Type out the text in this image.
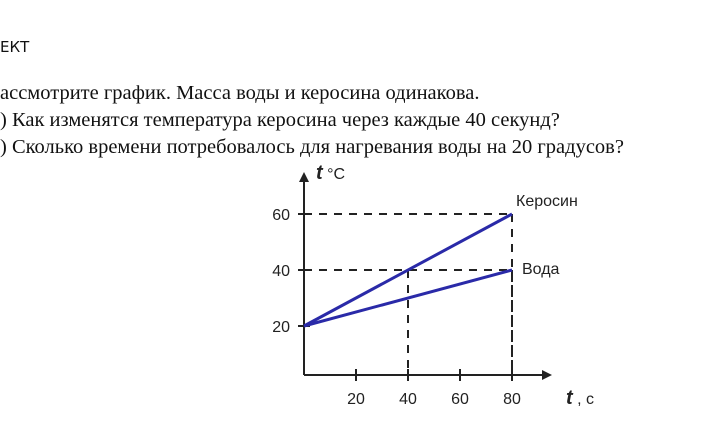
ЕКТ
ассмотрите график. Масса воды и керосина одинакова.
) Как изменятся температура керосина через каждые 40 секунд?
) Сколько времени потребовалось для нагревания воды на 20 градусов?
20 40 60 80
20
40
60
Керосин
Вода
t , с
t °С
